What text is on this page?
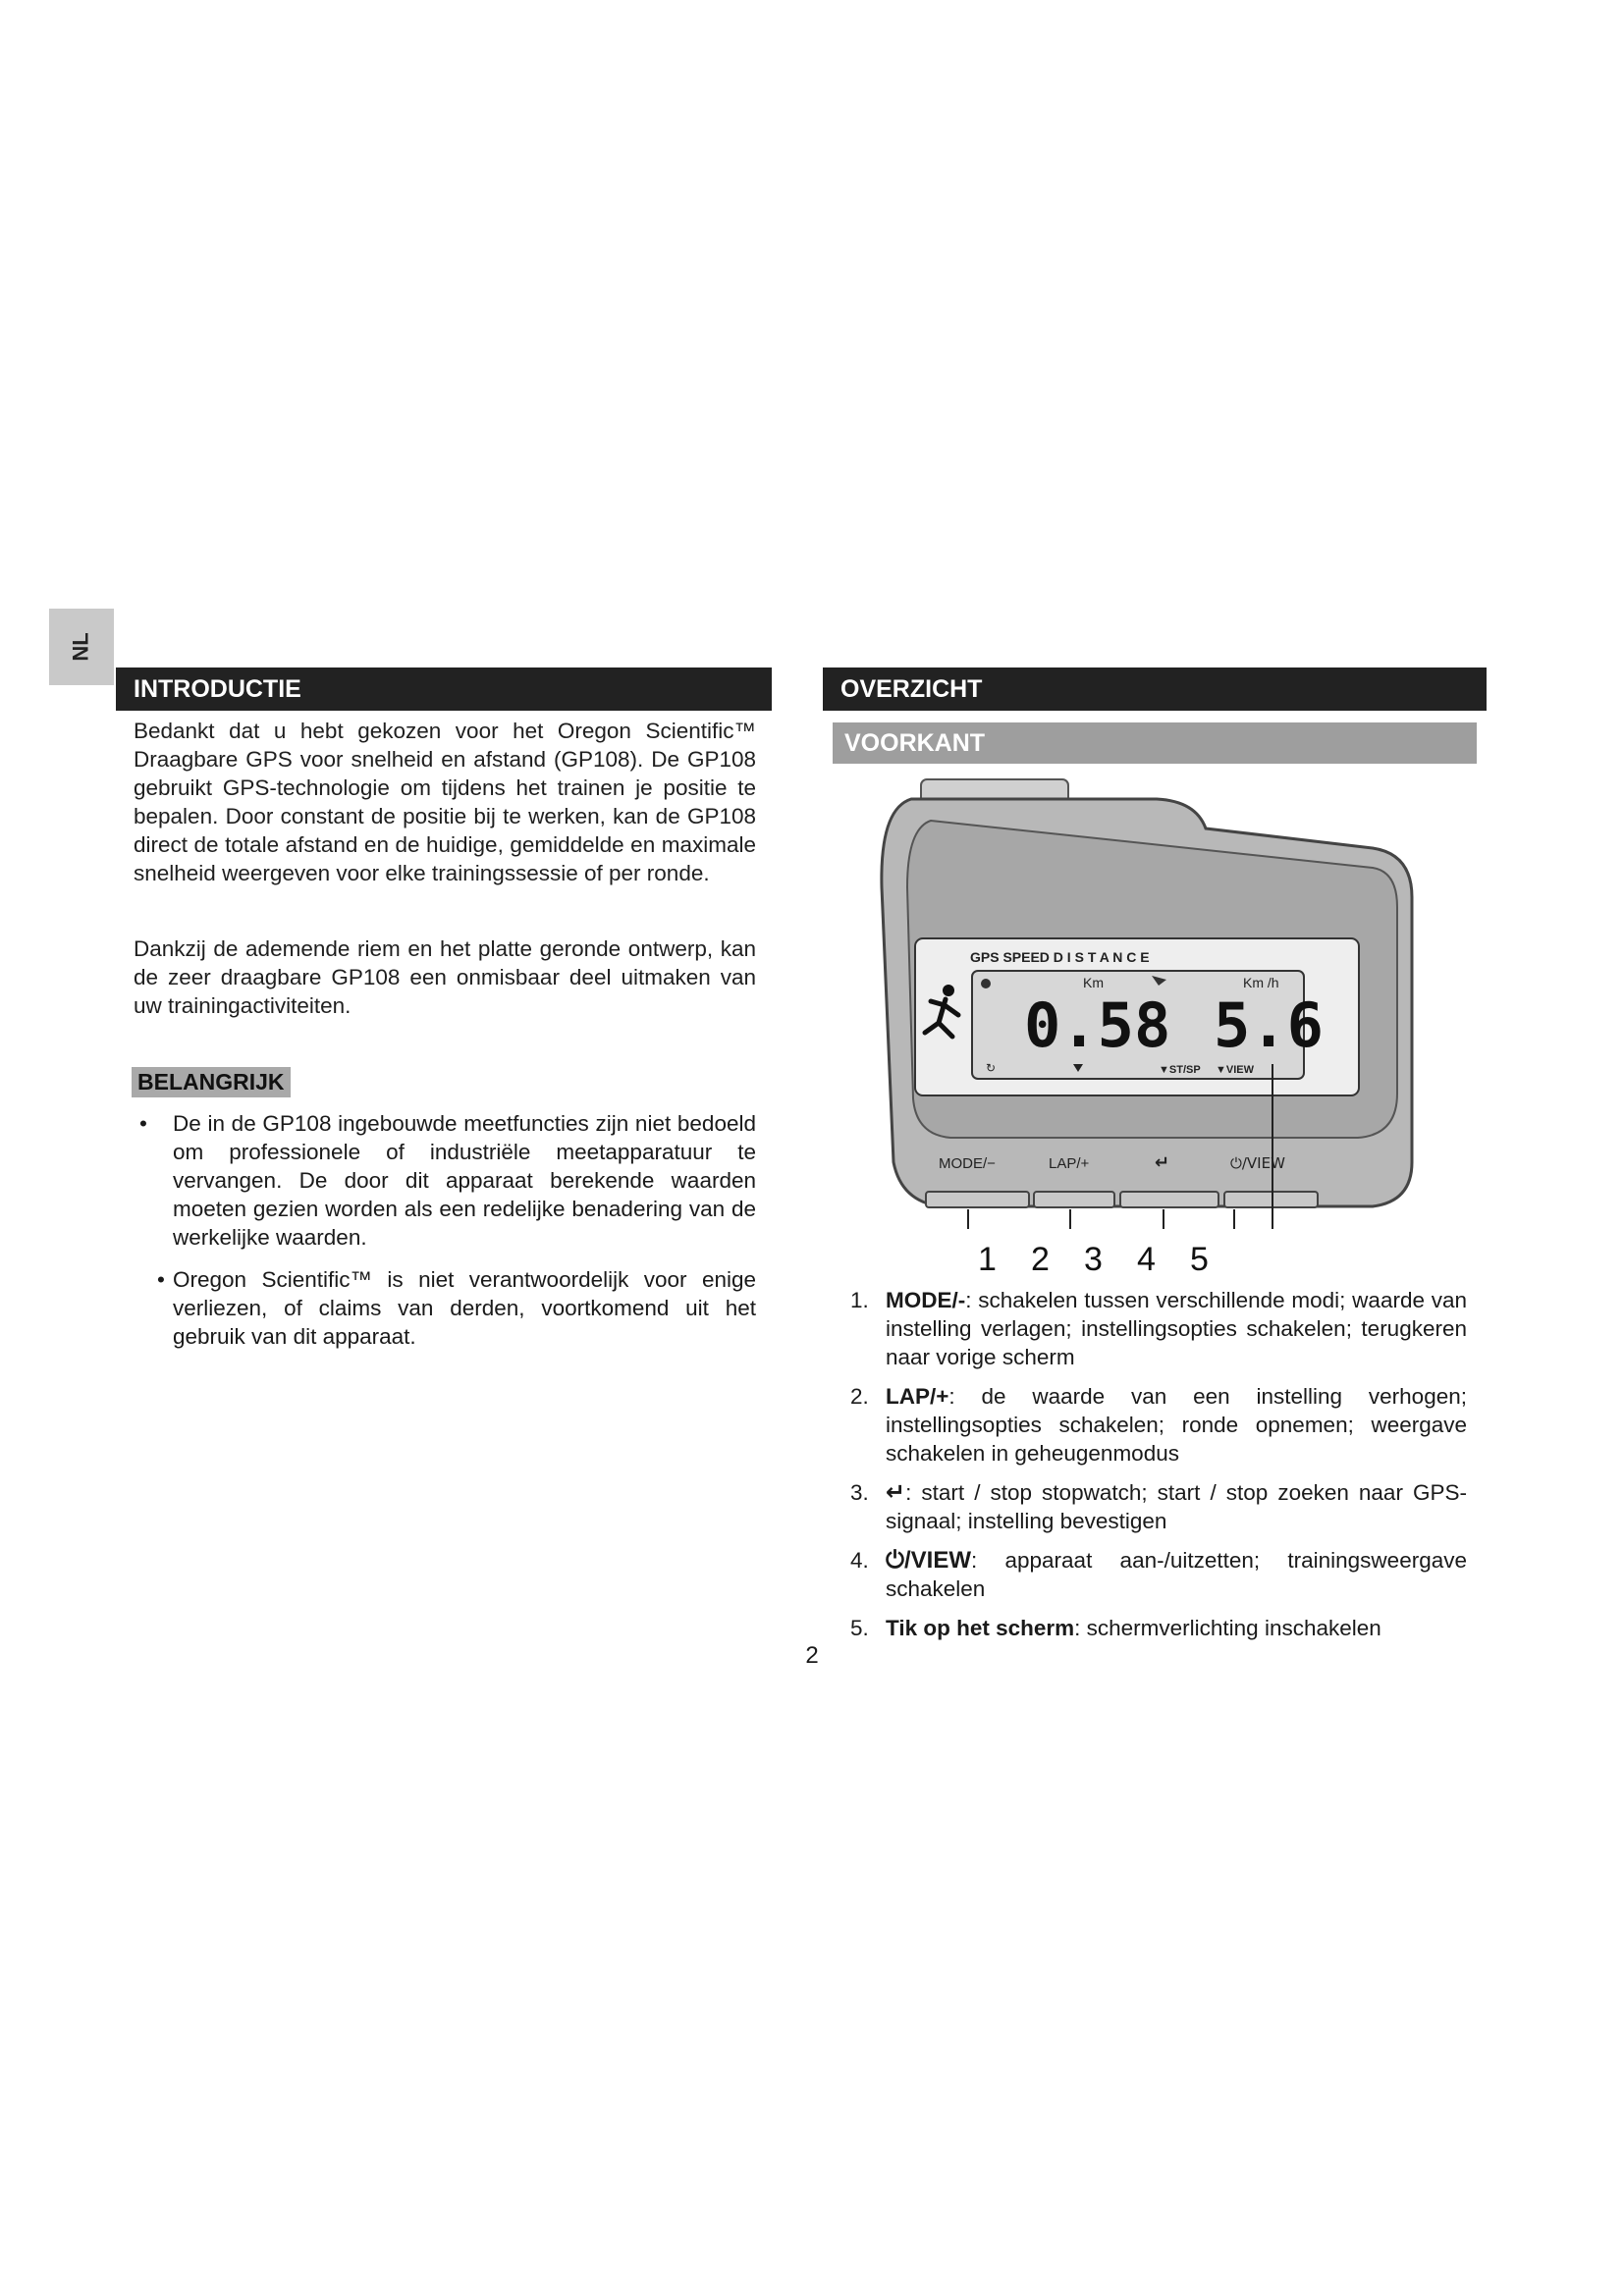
NL
INTRODUCTIE

Bedankt dat u hebt gekozen voor het Oregon Scientific™ Draagbare GPS voor snelheid en afstand (GP108). De GP108 gebruikt GPS-technologie om tijdens het trainen je positie te bepalen. Door constant de positie bij te werken, kan de GP108 direct de totale afstand en de huidige, gemiddelde en maximale snelheid weergeven voor elke trainingssessie of per ronde.

Dankzij de ademende riem en het platte geronde ontwerp, kan de zeer draagbare GP108 een onmisbaar deel uitmaken van uw trainingactiviteiten.

BELANGRIJK
• De in de GP108 ingebouwde meetfuncties zijn niet bedoeld om professionele of industriële meetapparatuur te vervangen. De door dit apparaat berekende waarden moeten gezien worden als een redelijke benadering van de werkelijke waarden.
• Oregon Scientific™ is niet verantwoordelijk voor enige verliezen, of claims van derden, voortkomend uit het gebruik van dit apparaat.
OVERZICHT
VOORKANT
GPS SPEED D I S T A N C E
Km	Km /h
0.58 5.6
↻	▼ST/SP ▼VIEW
MODE/−	LAP/+	↵	⏻/VIEW
1 2 3 4 5
1. MODE/-: schakelen tussen verschillende modi; waarde van instelling verlagen; instellingsopties schakelen; terugkeren naar vorige scherm
2. LAP/+: de waarde van een instelling verhogen; instellingsopties schakelen; ronde opnemen; weergave schakelen in geheugenmodus
3. ↵: start / stop stopwatch; start / stop zoeken naar GPS-signaal; instelling bevestigen
4. ⏻/VIEW: apparaat aan-/uitzetten; trainingsweergave schakelen
5. Tik op het scherm: schermverlichting inschakelen
2
